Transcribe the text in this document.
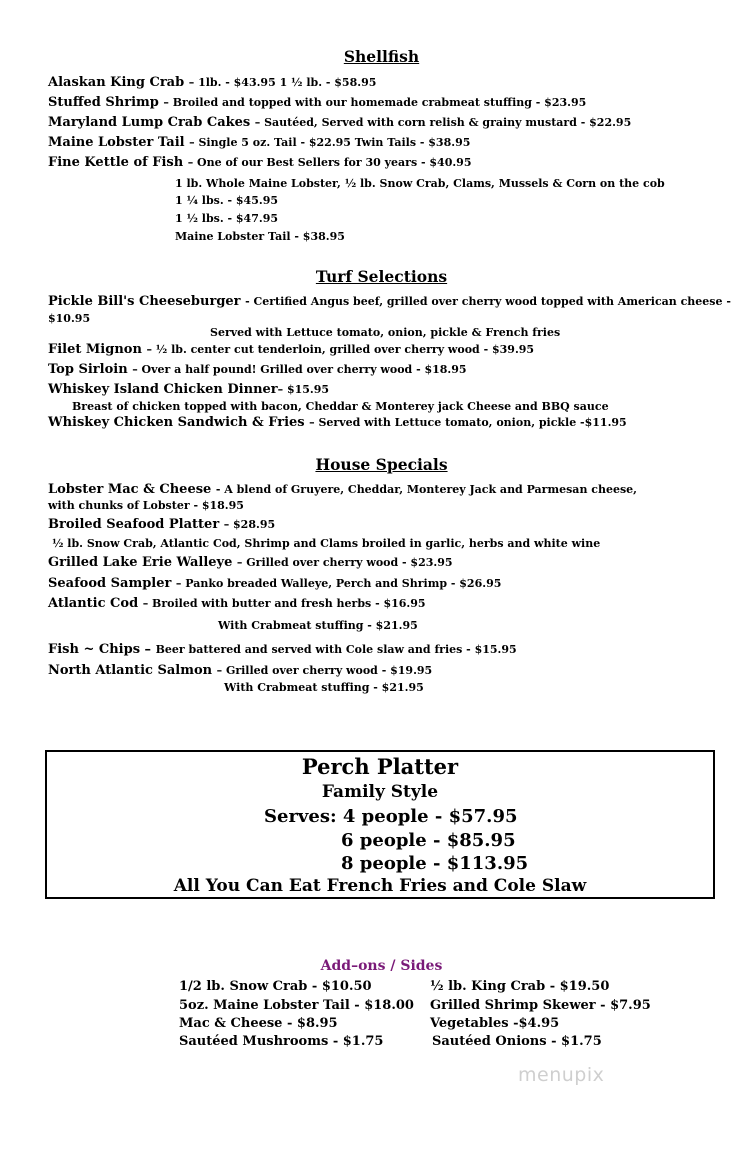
Shellfish
Alaskan King Crab – 1lb. - $43.95 1 ½ lb. - $58.95
Stuffed Shrimp – Broiled and topped with our homemade crabmeat stuffing - $23.95
Maryland Lump Crab Cakes – Sautéed, Served with corn relish & grainy mustard - $22.95
Maine Lobster Tail – Single 5 oz. Tail - $22.95 Twin Tails - $38.95
Fine Kettle of Fish – One of our Best Sellers for 30 years - $40.95
1 lb. Whole Maine Lobster, ½ lb. Snow Crab, Clams, Mussels & Corn on the cob
1 ¼ lbs. - $45.95
1 ½ lbs. - $47.95
Maine Lobster Tail - $38.95
Turf Selections
Pickle Bill's Cheeseburger - Certified Angus beef, grilled over cherry wood topped with American cheese -
$10.95
Served with Lettuce tomato, onion, pickle & French fries
Filet Mignon – ½ lb. center cut tenderloin, grilled over cherry wood - $39.95
Top Sirloin – Over a half pound! Grilled over cherry wood - $18.95
Whiskey Island Chicken Dinner– $15.95
Breast of chicken topped with bacon, Cheddar & Monterey jack Cheese and BBQ sauce
Whiskey Chicken Sandwich & Fries – Served with Lettuce tomato, onion, pickle -$11.95
House Specials
Lobster Mac & Cheese - A blend of Gruyere, Cheddar, Monterey Jack and Parmesan cheese,
with chunks of Lobster - $18.95
Broiled Seafood Platter – $28.95
½ lb. Snow Crab, Atlantic Cod, Shrimp and Clams broiled in garlic, herbs and white wine
Grilled Lake Erie Walleye – Grilled over cherry wood - $23.95
Seafood Sampler – Panko breaded Walleye, Perch and Shrimp - $26.95
Atlantic Cod – Broiled with butter and fresh herbs - $16.95
With Crabmeat stuffing - $21.95
Fish ~ Chips – Beer battered and served with Cole slaw and fries - $15.95
North Atlantic Salmon – Grilled over cherry wood - $19.95
With Crabmeat stuffing - $21.95
Perch Platter
Family Style
Serves: 4 people - $57.95
6 people - $85.95
8 people - $113.95
All You Can Eat French Fries and Cole Slaw
Add–ons / Sides
1/2 lb. Snow Crab - $10.50
5oz. Maine Lobster Tail - $18.00
Mac & Cheese - $8.95
Sautéed Mushrooms - $1.75
½ lb. King Crab - $19.50
Grilled Shrimp Skewer - $7.95
Vegetables -$4.95
Sautéed Onions - $1.75
menupix
